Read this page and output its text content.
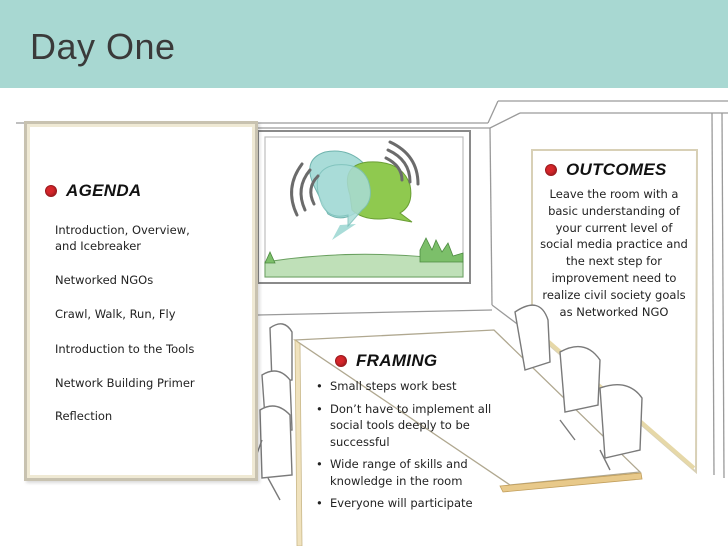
Day One
AGENDA
Introduction, Overview,
and Icebreaker
Networked NGOs
Crawl, Walk, Run, Fly
Introduction to the Tools
Network Building Primer
Reflection
OUTCOMES
Leave the room with a
basic understanding of
your current level of
social media practice and
the next step for
improvement need to
realize civil society goals
as Networked NGO
FRAMING
• Small steps work best
• Don’t have to implement all
social tools deeply to be
successful
• Wide range of skills and
knowledge in the room
• Everyone will participate
